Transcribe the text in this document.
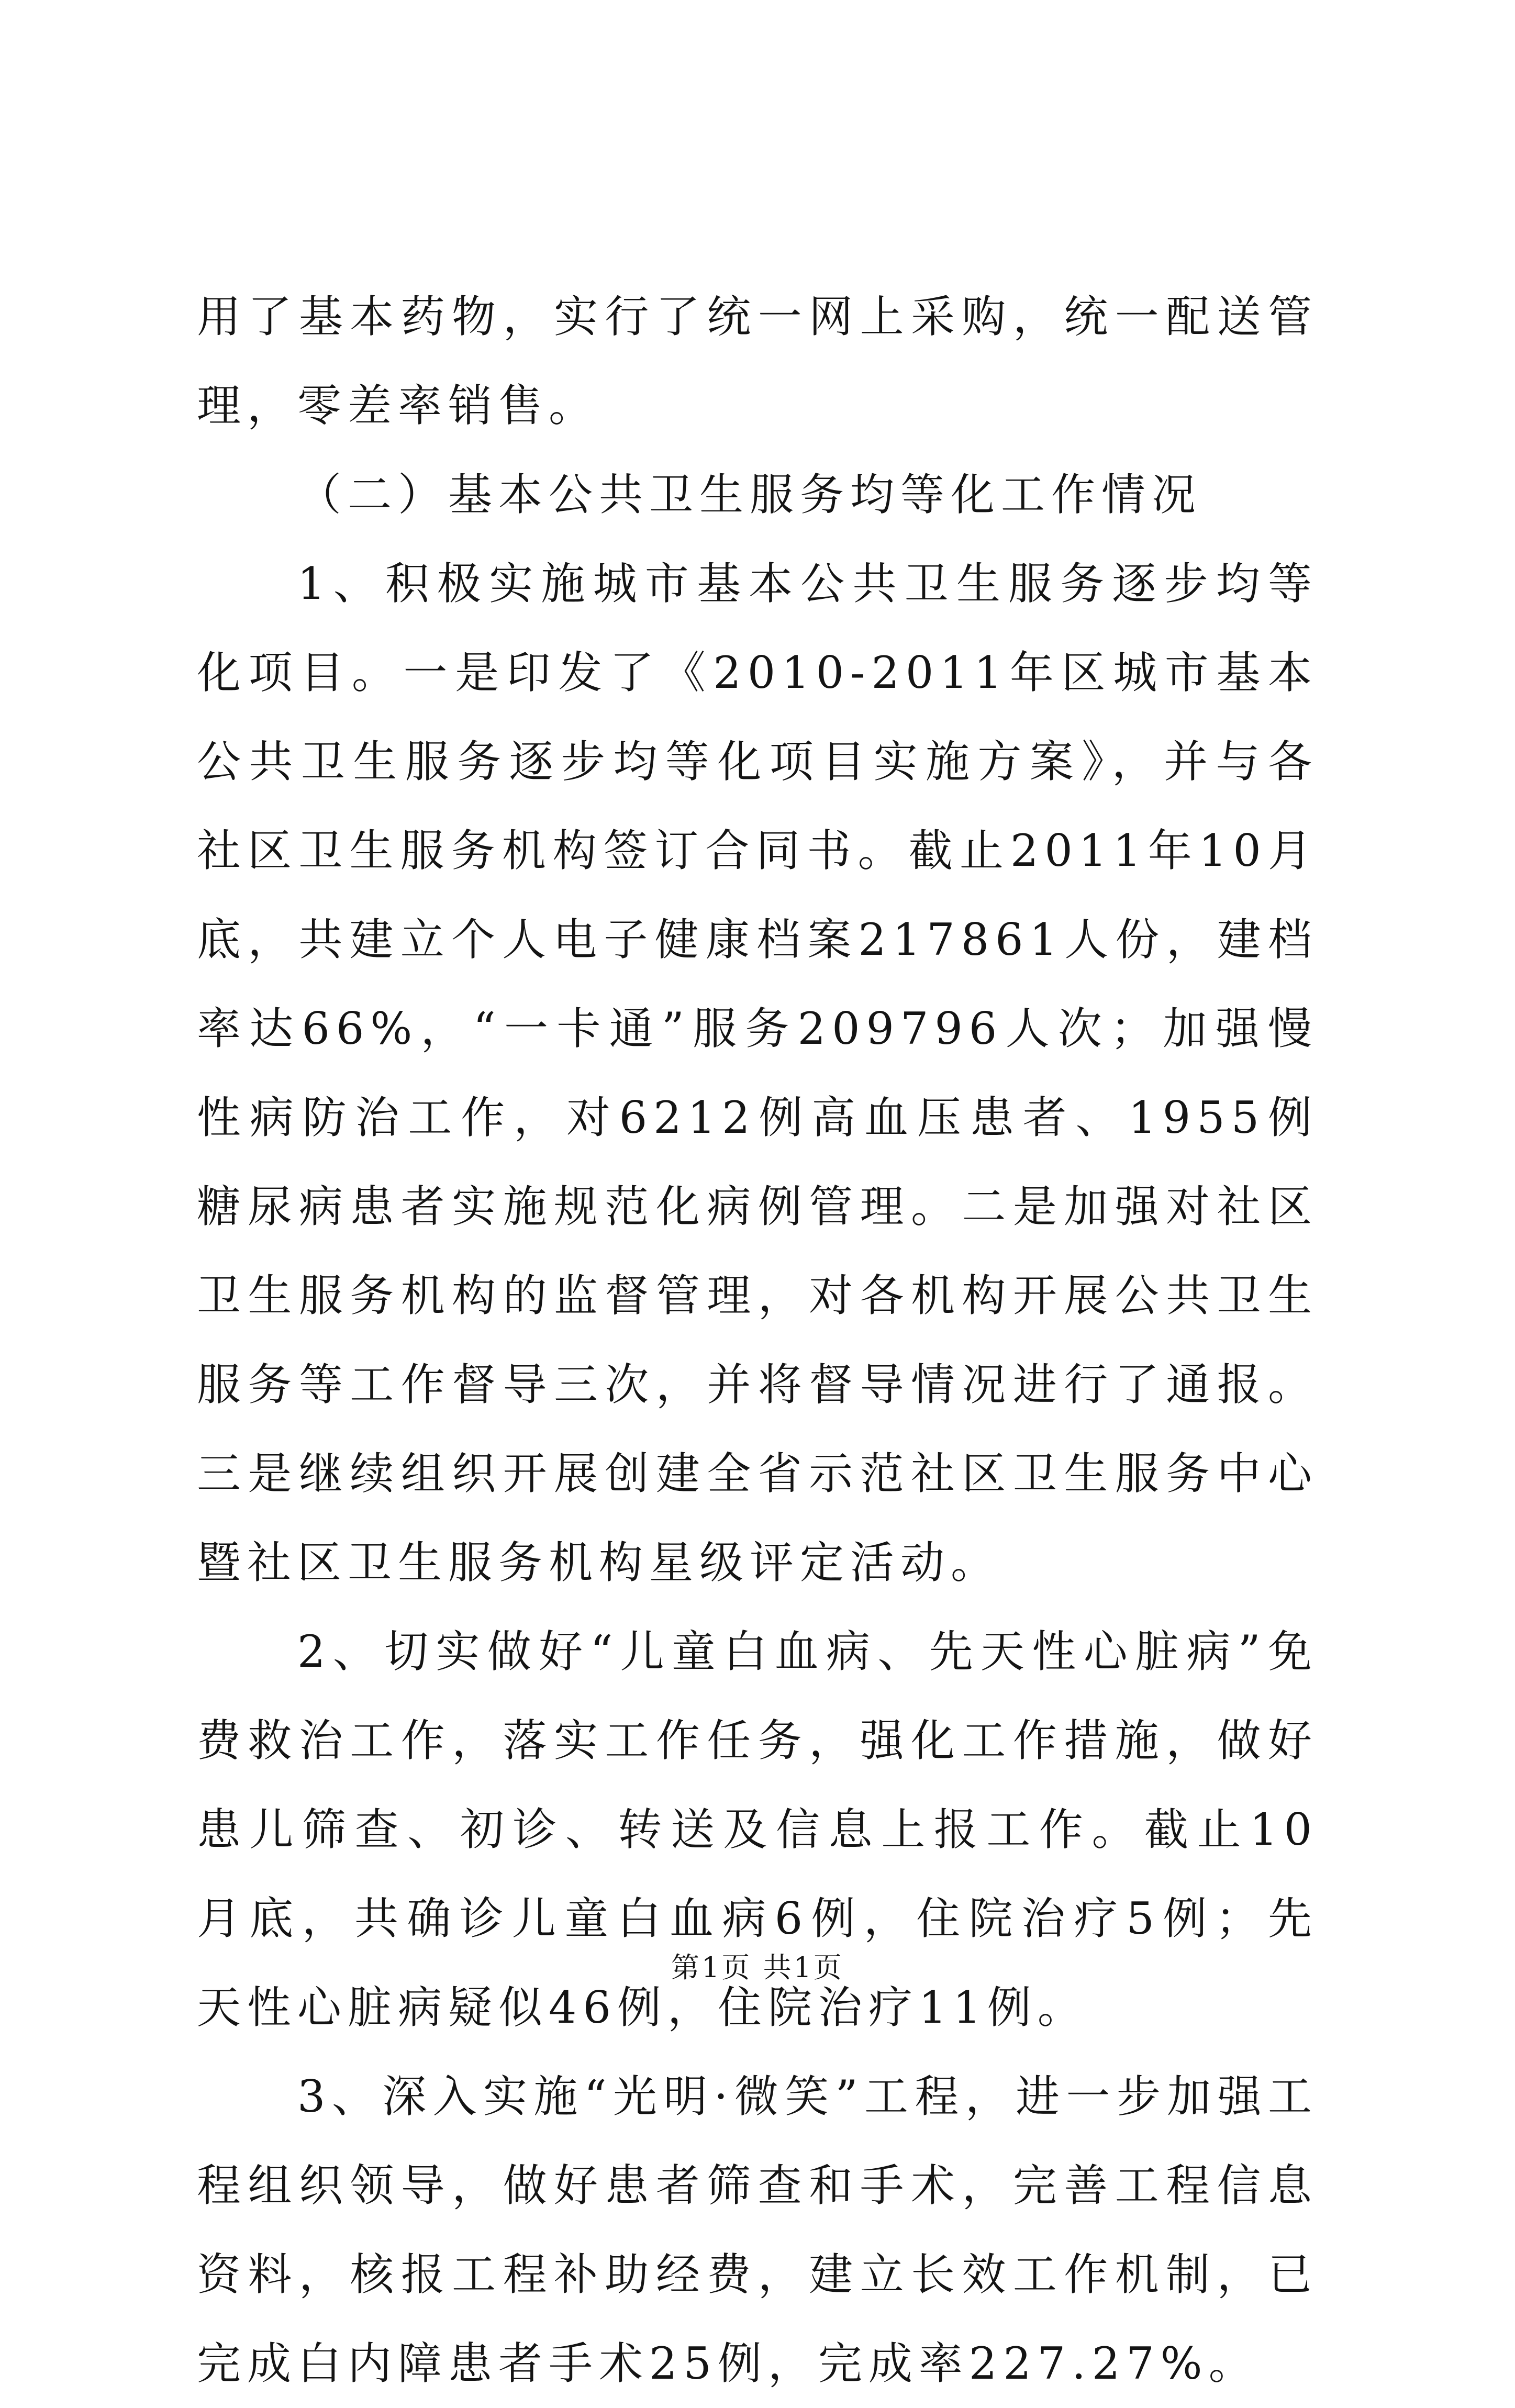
用了基本药物，实行了统一网上采购，统一配送管理，零差率销售。

（二）基本公共卫生服务均等化工作情况

1、积极实施城市基本公共卫生服务逐步均等化项目。一是印发了《2010-2011年区城市基本公共卫生服务逐步均等化项目实施方案》，并与各社区卫生服务机构签订合同书。截止2011年10月底，共建立个人电子健康档案217861人份，建档率达66%，“一卡通”服务209796人次；加强慢性病防治工作，对6212例高血压患者、1955例糖尿病患者实施规范化病例管理。二是加强对社区卫生服务机构的监督管理，对各机构开展公共卫生服务等工作督导三次，并将督导情况进行了通报。三是继续组织开展创建全省示范社区卫生服务中心暨社区卫生服务机构星级评定活动。

2、切实做好“儿童白血病、先天性心脏病”免费救治工作，落实工作任务，强化工作措施，做好患儿筛查、初诊、转送及信息上报工作。截止10月底，共确诊儿童白血病6例，住院治疗5例；先天性心脏病疑似46例，住院治疗11例。

3、深入实施“光明·微笑”工程，进一步加强工程组织领导，做好患者筛查和手术，完善工程信息资料，核报工程补助经费，建立长效工作机制，已完成白内障患者手术25例，完成率227.27%。

第1页 共1页
